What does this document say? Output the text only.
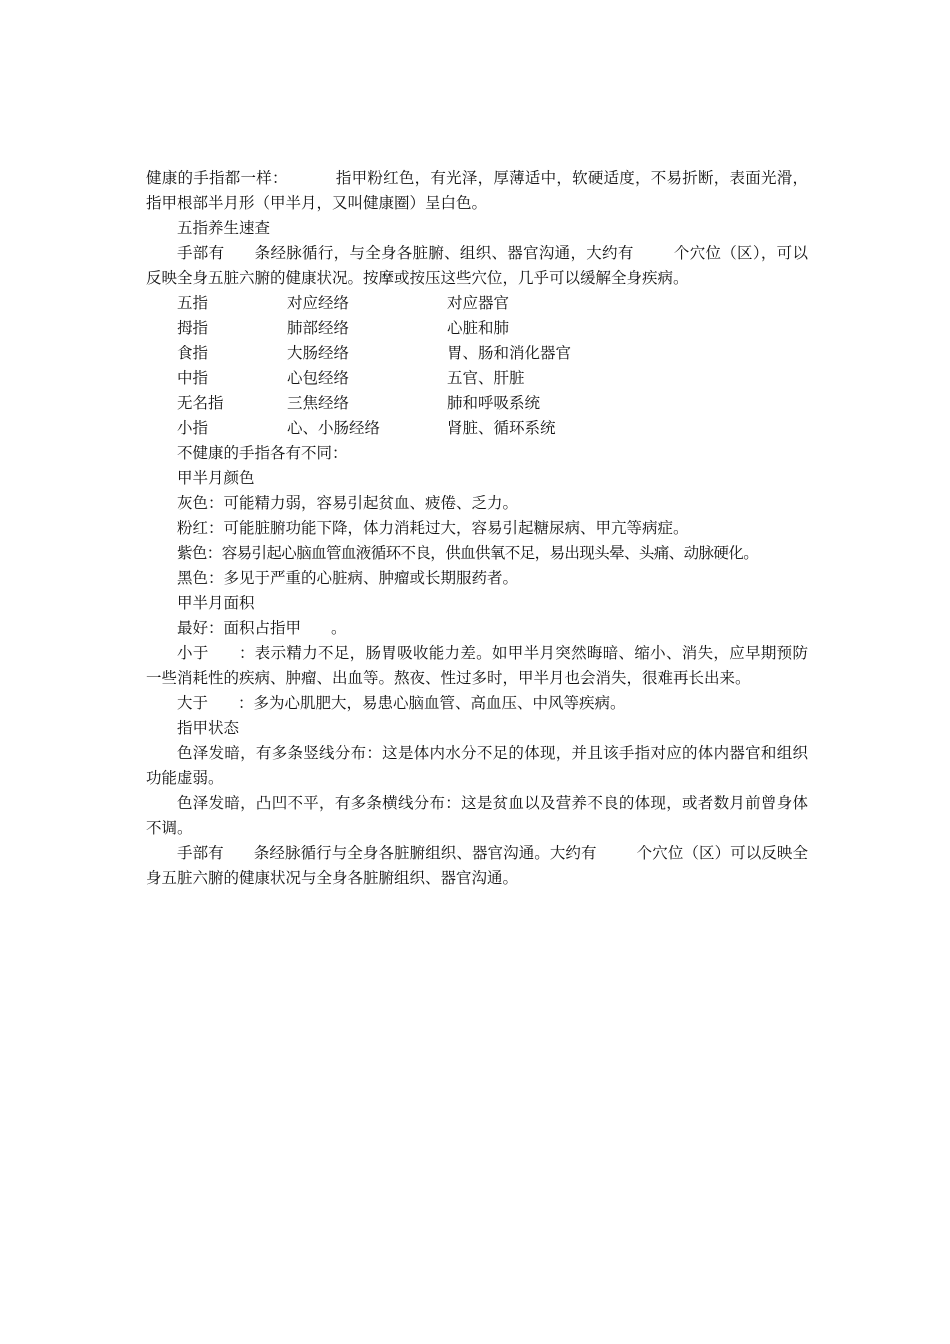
健康的手指都一样：	指甲粉红色，有光泽，厚薄适中，软硬适度，不易折断，表面光滑，指甲根部半月形（甲半月，又叫健康圈）呈白色。

五指养生速查

手部有 条经脉循行，与全身各脏腑、组织、器官沟通，大约有	个穴位（区），可以反映全身五脏六腑的健康状况。按摩或按压这些穴位，几乎可以缓解全身疾病。

五指	对应经络	对应器官
拇指	肺部经络	心脏和肺
食指	大肠经络	胃、肠和消化器官
中指	心包经络	五官、肝脏
无名指	三焦经络	肺和呼吸系统
小指	心、小肠经络	肾脏、循环系统

不健康的手指各有不同：

甲半月颜色

灰色：可能精力弱，容易引起贫血、疲倦、乏力。

粉红：可能脏腑功能下降，体力消耗过大，容易引起糖尿病、甲亢等病症。

紫色：容易引起心脑血管血液循环不良，供血供氧不足，易出现头晕、头痛、动脉硬化。

黑色：多见于严重的心脏病、肿瘤或长期服药者。

甲半月面积

最好：面积占指甲 。

小于 ：表示精力不足，肠胃吸收能力差。如甲半月突然晦暗、缩小、消失，应早期预防一些消耗性的疾病、肿瘤、出血等。熬夜、性过多时，甲半月也会消失，很难再长出来。

大于 ：多为心肌肥大，易患心脑血管、高血压、中风等疾病。

指甲状态

色泽发暗，有多条竖线分布：这是体内水分不足的体现，并且该手指对应的体内器官和组织功能虚弱。

色泽发暗，凸凹不平，有多条横线分布：这是贫血以及营养不良的体现，或者数月前曾身体不调。

手部有 条经脉循行与全身各脏腑组织、器官沟通。大约有	个穴位（区）可以反映全身五脏六腑的健康状况与全身各脏腑组织、器官沟通。
